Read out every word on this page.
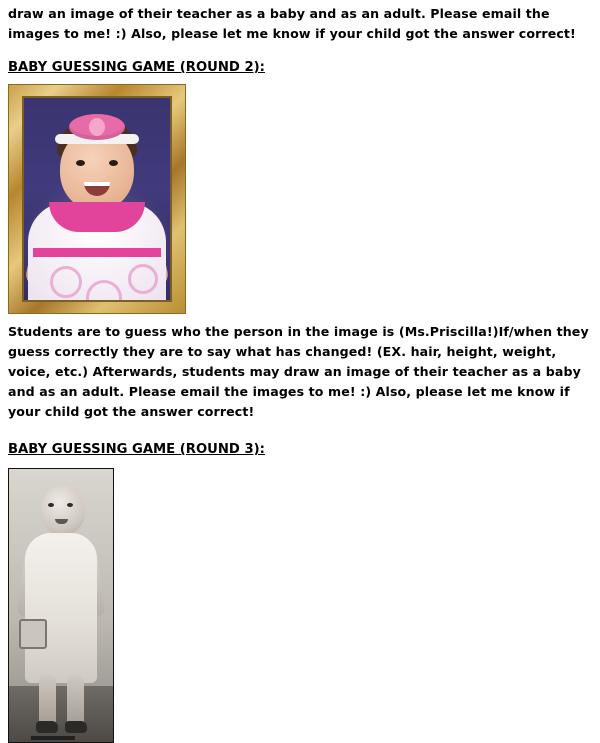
draw an image of their teacher as a baby and as an adult. Please email the images to me! :) Also, please let me know if your child got the answer correct!

BABY GUESSING GAME (ROUND 2):

Students are to guess who the person in the image is (Ms.Priscilla!)If/when they guess correctly they are to say what has changed! (EX. hair, height, weight, voice, etc.) Afterwards, students may draw an image of their teacher as a baby and as an adult. Please email the images to me! :) Also, please let me know if your child got the answer correct!

BABY GUESSING GAME (ROUND 3):
